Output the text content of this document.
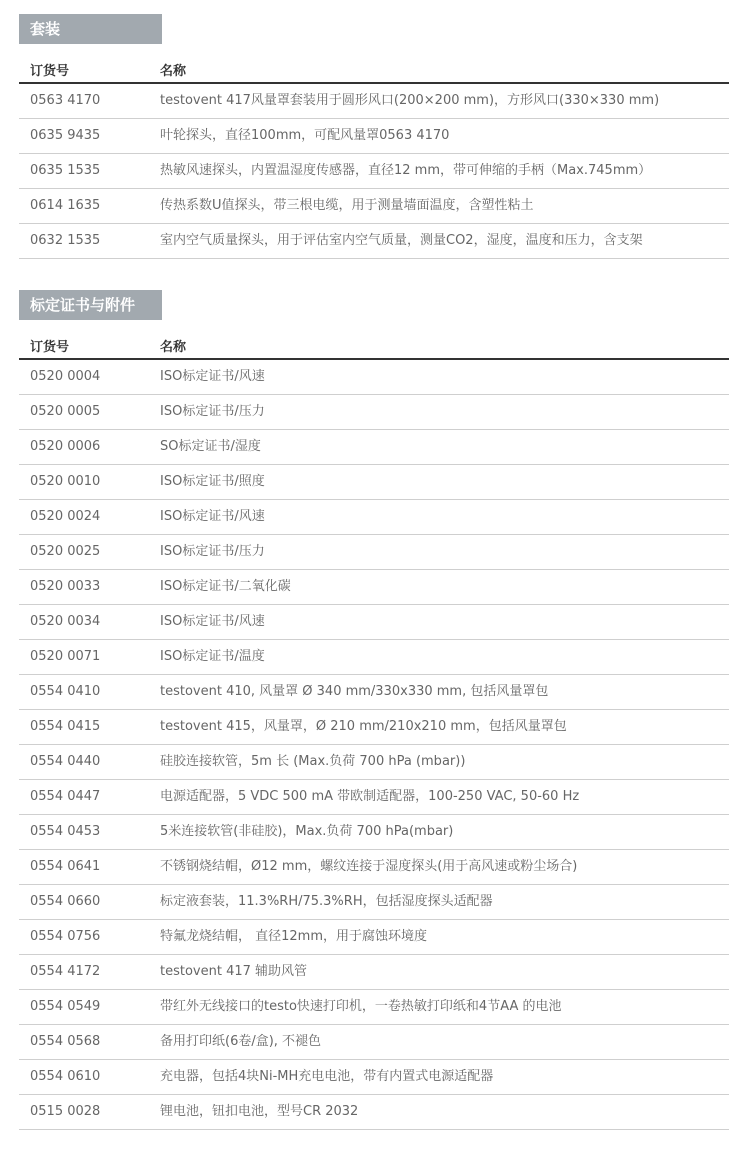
套装
订货号	名称
0563 4170	testovent 417风量罩套装用于圆形风口(200×200 mm)，方形风口(330×330 mm)
0635 9435	叶轮探头，直径100mm，可配风量罩0563 4170
0635 1535	热敏风速探头，内置温湿度传感器，直径12 mm，带可伸缩的手柄（Max.745mm）
0614 1635	传热系数U值探头，带三根电缆，用于测量墙面温度，含塑性粘土
0632 1535	室内空气质量探头，用于评估室内空气质量，测量CO2，湿度，温度和压力，含支架
标定证书与附件
订货号	名称
0520 0004	ISO标定证书/风速
0520 0005	ISO标定证书/压力
0520 0006	SO标定证书/湿度
0520 0010	ISO标定证书/照度
0520 0024	ISO标定证书/风速
0520 0025	ISO标定证书/压力
0520 0033	ISO标定证书/二氧化碳
0520 0034	ISO标定证书/风速
0520 0071	ISO标定证书/温度
0554 0410	testovent 410, 风量罩 Ø 340 mm/330x330 mm, 包括风量罩包
0554 0415	testovent 415，风量罩，Ø 210 mm/210x210 mm，包括风量罩包
0554 0440	硅胶连接软管，5m 长 (Max.负荷 700 hPa (mbar))
0554 0447	电源适配器，5 VDC 500 mA 带欧制适配器，100-250 VAC, 50-60 Hz
0554 0453	5米连接软管(非硅胶)，Max.负荷 700 hPa(mbar)
0554 0641	不锈钢烧结帽，Ø12 mm，螺纹连接于湿度探头(用于高风速或粉尘场合)
0554 0660	标定液套装，11.3%RH/75.3%RH，包括湿度探头适配器
0554 0756	特氟龙烧结帽， 直径12mm，用于腐蚀环境度
0554 4172	testovent 417 辅助风管
0554 0549	带红外无线接口的testo快速打印机，一卷热敏打印纸和4节AA 的电池
0554 0568	备用打印纸(6卷/盒), 不褪色
0554 0610	充电器，包括4块Ni-MH充电电池，带有内置式电源适配器
0515 0028	锂电池，钮扣电池，型号CR 2032
